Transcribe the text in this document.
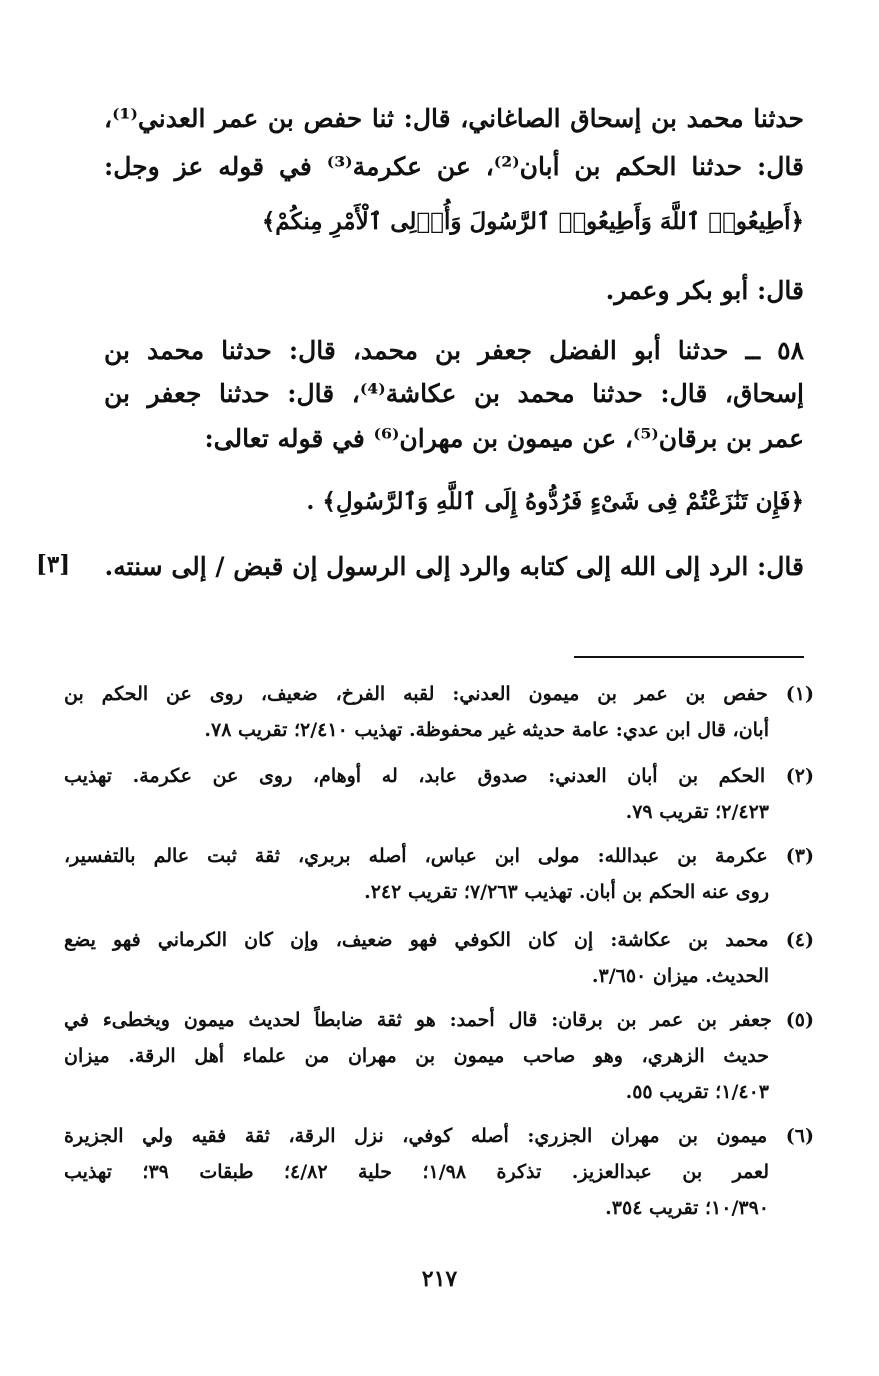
حدثنا محمد بن إسحاق الصاغاني، قال: ثنا حفص بن عمر العدني⁽¹⁾،
قال: حدثنا الحكم بن أبان⁽²⁾، عن عكرمة⁽³⁾ في قوله عز وجل:
﴿أَطِيعُوا۟ ٱللَّهَ وَأَطِيعُوا۟ ٱلرَّسُولَ وَأُو۟لِى ٱلْأَمْرِ مِنكُمْ﴾
قال: أبو بكر وعمر.
٥٨ ــ حدثنا أبو الفضل جعفر بن محمد، قال: حدثنا محمد بن
إسحاق، قال: حدثنا محمد بن عكاشة⁽⁴⁾، قال: حدثنا جعفر بن
عمر بن برقان⁽⁵⁾، عن ميمون بن مهران⁽⁶⁾ في قوله تعالى:
﴿فَإِن تَنَٰزَعْتُمْ فِى شَىْءٍ فَرُدُّوهُ إِلَى ٱللَّهِ وَٱلرَّسُولِ﴾ .
قال: الرد إلى الله إلى كتابه والرد إلى الرسول إن قبض / إلى سنته.
[٣]
(١) حفص بن عمر بن ميمون العدني: لقبه الفرخ، ضعيف، روى عن الحكم بن
أبان، قال ابن عدي: عامة حديثه غير محفوظة. تهذيب ٢/٤١٠؛ تقريب ٧٨.
(٢) الحكم بن أبان العدني: صدوق عابد، له أوهام، روى عن عكرمة. تهذيب
٢/٤٢٣؛ تقريب ٧٩.
(٣) عكرمة بن عبدالله: مولى ابن عباس، أصله بربري، ثقة ثبت عالم بالتفسير،
روى عنه الحكم بن أبان. تهذيب ٧/٢٦٣؛ تقريب ٢٤٢.
(٤) محمد بن عكاشة: إن كان الكوفي فهو ضعيف، وإن كان الكرماني فهو يضع
الحديث. ميزان ٣/٦٥٠.
(٥) جعفر بن عمر بن برقان: قال أحمد: هو ثقة ضابطاً لحديث ميمون ويخطىء في
حديث الزهري، وهو صاحب ميمون بن مهران من علماء أهل الرقة. ميزان
١/٤٠٣؛ تقريب ٥٥.
(٦) ميمون بن مهران الجزري: أصله كوفي، نزل الرقة، ثقة فقيه ولي الجزيرة
لعمر بن عبدالعزيز. تذكرة ١/٩٨؛ حلية ٤/٨٢؛ طبقات ٣٩؛ تهذيب
١٠/٣٩٠؛ تقريب ٣٥٤.
٢١٧
